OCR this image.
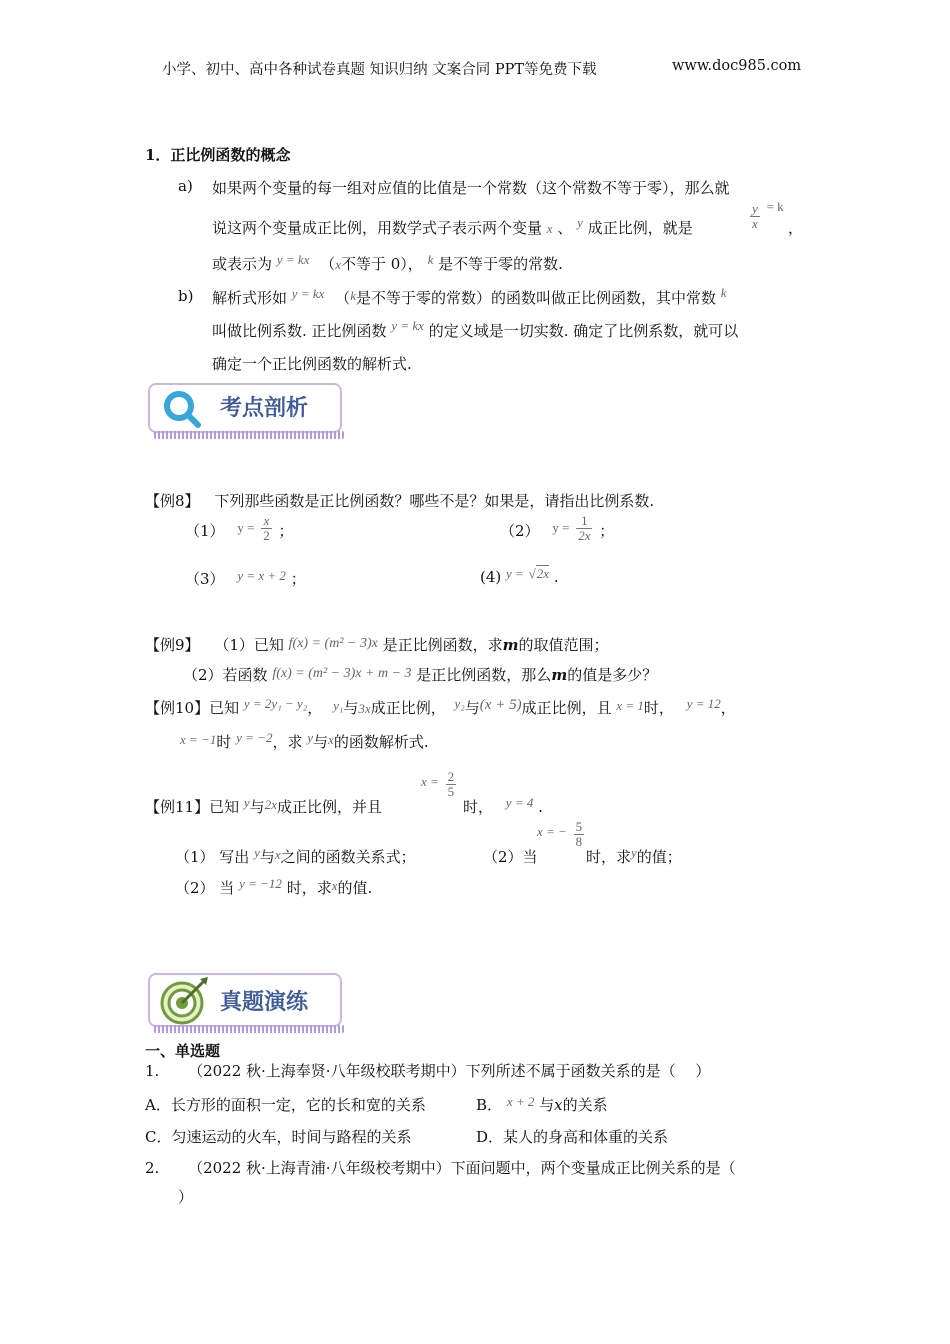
小学、初中、高中各种试卷真题 知识归纳 文案合同 PPT等免费下载	www.doc985.com
1．正比例函数的概念
a) 如果两个变量的每一组对应值的比值是一个常数（这个常数不等于零），那么就
说这两个变量成正比例，用数学式子表示两个变量 x 、 y 成正比例，就是	$\frac{y}{x} = k$
，
或表示为 y = kx （x不等于 0）， k 是不等于零的常数.
b) 解析式形如 y = kx （k是不等于零的常数）的函数叫做正比例函数，其中常数 k
叫做比例系数. 正比例函数 y = kx 的定义域是一切实数. 确定了比例系数，就可以
确定一个正比例函数的解析式.
考点剖析
【例8】 下列那些函数是正比例函数？哪些不是？如果是，请指出比例系数.
（1） $y = \frac{x}{2}$ ；	（2） $y = \frac{1}{2x}$ ；
（3） y = x + 2 ；	(4) y = √2x .
【例9】 （1）已知 f(x) = (m² − 3)x 是正比例函数，求m的取值范围；
（2）若函数 f(x) = (m² − 3)x + m − 3 是正比例函数，那么m的值是多少？
【例10】已知 y = 2y₁ − y₂， y₁与3x成正比例， y₂与(x + 5)成正比例，且 x = 1时， y = 12，
x = −1时 y = −2，求 y与x的函数解析式.
【例11】已知 y与2x成正比例，并且
$x = \frac{2}{5}$
时， y = 4 .
（1） 写出 y与x之间的函数关系式；	（2）当
x = − $\frac{5}{8}$
时，求y的值；
（2） 当 y = −12 时，求x的值.
真题演练
一、单选题
1. （2022 秋·上海奉贤·八年级校联考期中）下列所述不属于函数关系的是（　 ）
A．长方形的面积一定，它的长和宽的关系	B． x + 2 与x的关系
C．匀速运动的火车，时间与路程的关系	D．某人的身高和体重的关系
2. （2022 秋·上海青浦·八年级校考期中）下面问题中，两个变量成正比例关系的是（
）
